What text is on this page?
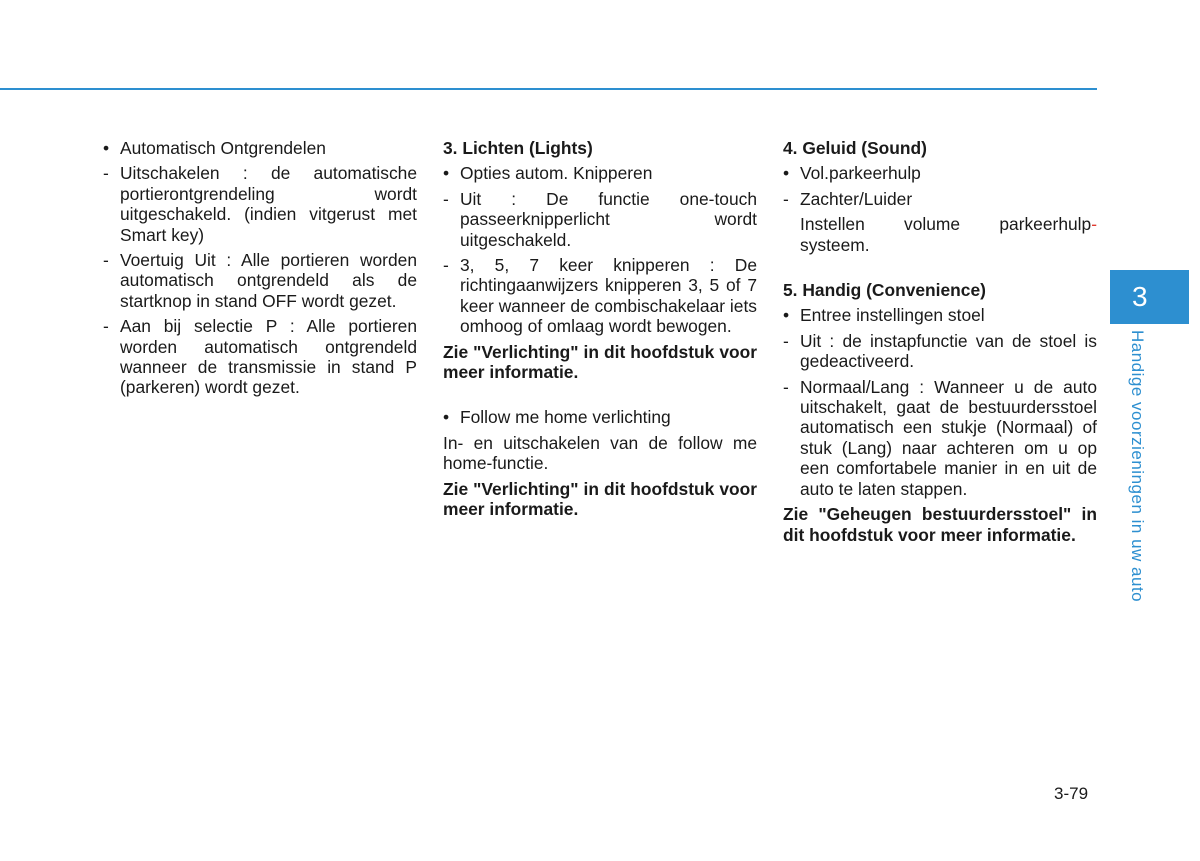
• Automatisch Ontgrendelen
- Uitschakelen : de automatische portierontgrendeling wordt uitgeschakeld. (indien vitgerust met Smart key)
- Voertuig Uit : Alle portieren worden automatisch ontgrendeld als de startknop in stand OFF wordt gezet.
- Aan bij selectie P : Alle portieren worden automatisch ontgrendeld wanneer de transmissie in stand P (parkeren) wordt gezet.
3. Lichten (Lights)
• Opties autom. Knipperen
- Uit : De functie one-touch passeerknipperlicht wordt uitgeschakeld.
- 3, 5, 7 keer knipperen : De richtingaanwijzers knipperen 3, 5 of 7 keer wanneer de combischakelaar iets omhoog of omlaag wordt bewogen.
Zie "Verlichting" in dit hoofdstuk voor meer informatie.
• Follow me home verlichting
In- en uitschakelen van de follow me home-functie.
Zie "Verlichting" in dit hoofdstuk voor meer informatie.
4. Geluid (Sound)
• Vol.parkeerhulp
- Zachter/Luider
Instellen volume parkeerhulp- systeem.
5. Handig (Convenience)
• Entree instellingen stoel
- Uit : de instapfunctie van de stoel is gedeactiveerd.
- Normaal/Lang : Wanneer u de auto uitschakelt, gaat de bestuurdersstoel automatisch een stukje (Normaal) of stuk (Lang) naar achteren om u op een comfortabele manier in en uit de auto te laten stappen.
Zie "Geheugen bestuurdersstoel" in dit hoofdstuk voor meer informatie.
3
Handige voorzieningen in uw auto
3-79
